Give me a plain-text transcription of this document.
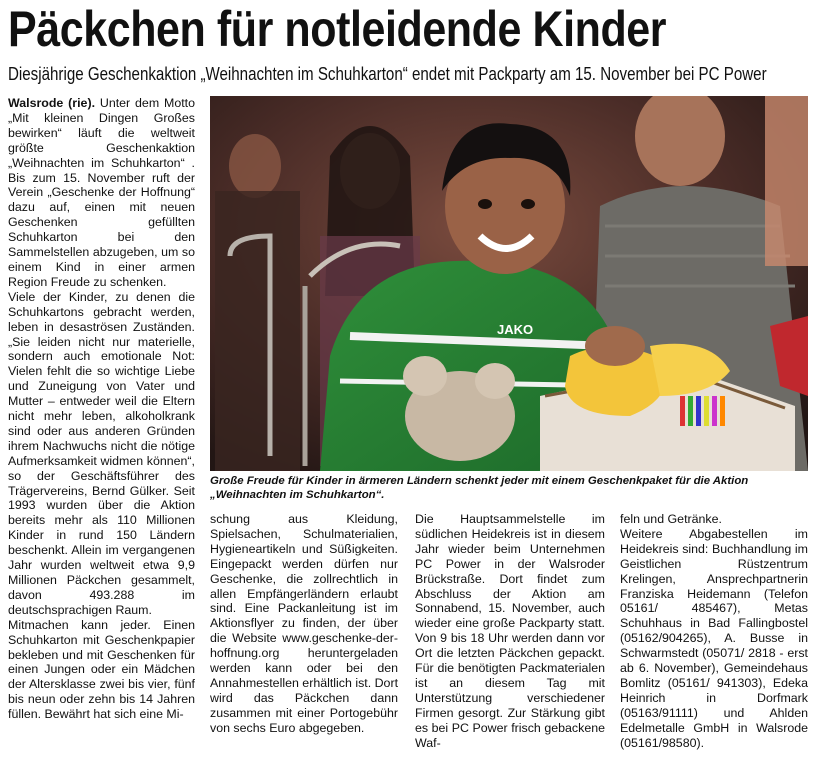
Päckchen für notleidende Kinder
Diesjährige Geschenkaktion „Weihnachten im Schuhkarton“ endet mit Packparty am 15. November bei PC Power

Walsrode (rie). Unter dem Motto „Mit kleinen Dingen Großes bewirken“ läuft die weltweit größte Geschenkaktion „Weihnachten im Schuhkarton“ . Bis zum 15. November ruft der Verein „Geschenke der Hoffnung“ dazu auf, einen mit neuen Geschenken gefüllten Schuhkarton bei den Sammelstellen abzugeben, um so einem Kind in einer armen Region Freude zu schenken.

Viele der Kinder, zu denen die Schuhkartons gebracht werden, leben in desaströsen Zuständen. „Sie leiden nicht nur materielle, sondern auch emotionale Not: Vielen fehlt die so wichtige Liebe und Zuneigung von Vater und Mutter – entweder weil die Eltern nicht mehr leben, alkoholkrank sind oder aus anderen Gründen ihrem Nachwuchs nicht die nötige Aufmerksamkeit widmen können“, so der Geschäftsführer des Trägervereins, Bernd Gülker. Seit 1993 wurden über die Aktion bereits mehr als 110 Millionen Kinder in rund 150 Ländern beschenkt. Allein im vergangenen Jahr wurden weltweit etwa 9,9 Millionen Päckchen gesammelt, davon 493.288 im deutschsprachigen Raum.

Mitmachen kann jeder. Einen Schuhkarton mit Geschenkpapier bekleben und mit Geschenken für einen Jungen oder ein Mädchen der Altersklasse zwei bis vier, fünf bis neun oder zehn bis 14 Jahren füllen. Bewährt hat sich eine Mi-

JAKO
Große Freude für Kinder in ärmeren Ländern schenkt jeder mit einem Geschenkpaket für die Aktion „Weihnachten im Schuhkarton“.

schung aus Kleidung, Spielsachen, Schulmaterialien, Hygieneartikeln und Süßigkeiten. Eingepackt werden dürfen nur Geschenke, die zollrechtlich in allen Empfängerländern erlaubt sind. Eine Packanleitung ist im Aktionsflyer zu finden, der über die Website www.geschenke-der-hoffnung.org heruntergeladen werden kann oder bei den Annahmestellen erhältlich ist. Dort wird das Päckchen dann zusammen mit einer Portogebühr von sechs Euro abgegeben.

Die Hauptsammelstelle im südlichen Heidekreis ist in diesem Jahr wieder beim Unternehmen PC Power in der Walsroder Brückstraße. Dort findet zum Abschluss der Aktion am Sonnabend, 15. November, auch wieder eine große Packparty statt. Von 9 bis 18 Uhr werden dann vor Ort die letzten Päckchen gepackt. Für die benötigten Packmaterialen ist an diesem Tag mit Unterstützung verschiedener Firmen gesorgt. Zur Stärkung gibt es bei PC Power frisch gebackene Waf-

feln und Getränke.

Weitere Abgabestellen im Heidekreis sind: Buchhandlung im Geistlichen Rüstzentrum Krelingen, Ansprechpartnerin Franziska Heidemann (Telefon 05161/ 485467), Metas Schuhhaus in Bad Fallingbostel (05162/904265), A. Busse in Schwarmstedt (05071/ 2818 - erst ab 6. November), Gemeindehaus Bomlitz (05161/ 941303), Edeka Heinrich in Dorfmark (05163/91111) und Ahlden Edelmetalle GmbH in Walsrode (05161/98580).
